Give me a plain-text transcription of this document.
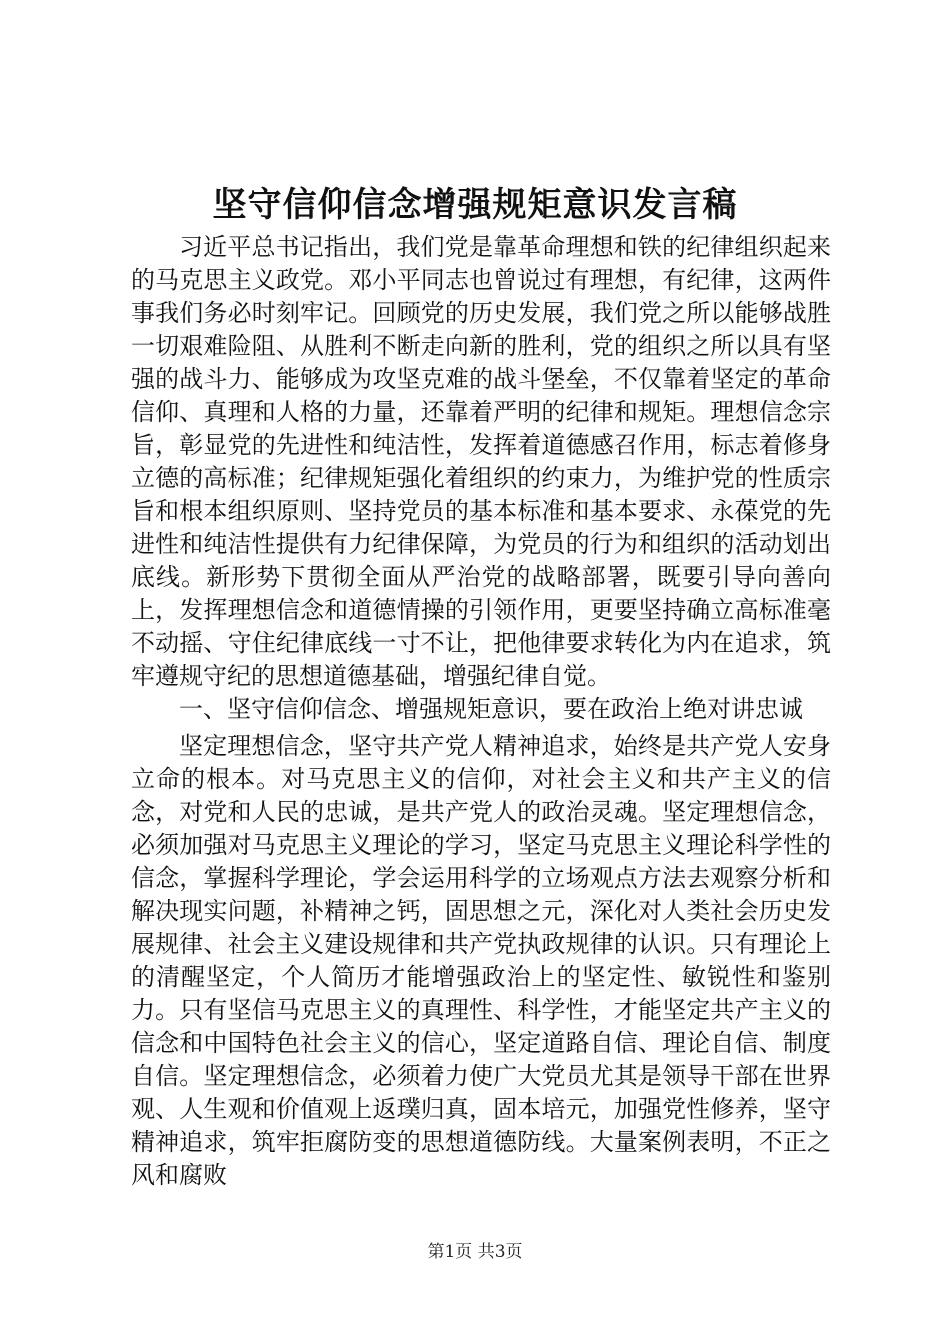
坚守信仰信念增强规矩意识发言稿

习近平总书记指出，我们党是靠革命理想和铁的纪律组织起来的马克思主义政党。邓小平同志也曾说过有理想，有纪律，这两件事我们务必时刻牢记。回顾党的历史发展，我们党之所以能够战胜一切艰难险阻、从胜利不断走向新的胜利，党的组织之所以具有坚强的战斗力、能够成为攻坚克难的战斗堡垒，不仅靠着坚定的革命信仰、真理和人格的力量，还靠着严明的纪律和规矩。理想信念宗旨，彰显党的先进性和纯洁性，发挥着道德感召作用，标志着修身立德的高标准；纪律规矩强化着组织的约束力，为维护党的性质宗旨和根本组织原则、坚持党员的基本标准和基本要求、永葆党的先进性和纯洁性提供有力纪律保障，为党员的行为和组织的活动划出底线。新形势下贯彻全面从严治党的战略部署，既要引导向善向上，发挥理想信念和道德情操的引领作用，更要坚持确立高标准毫不动摇、守住纪律底线一寸不让，把他律要求转化为内在追求，筑牢遵规守纪的思想道德基础，增强纪律自觉。

一、坚守信仰信念、增强规矩意识，要在政治上绝对讲忠诚

坚定理想信念，坚守共产党人精神追求，始终是共产党人安身立命的根本。对马克思主义的信仰，对社会主义和共产主义的信念，对党和人民的忠诚，是共产党人的政治灵魂。坚定理想信念，必须加强对马克思主义理论的学习，坚定马克思主义理论科学性的信念，掌握科学理论，学会运用科学的立场观点方法去观察分析和解决现实问题，补精神之钙，固思想之元，深化对人类社会历史发展规律、社会主义建设规律和共产党执政规律的认识。只有理论上的清醒坚定，个人简历才能增强政治上的坚定性、敏锐性和鉴别力。只有坚信马克思主义的真理性、科学性，才能坚定共产主义的信念和中国特色社会主义的信心，坚定道路自信、理论自信、制度自信。坚定理想信念，必须着力使广大党员尤其是领导干部在世界观、人生观和价值观上返璞归真，固本培元，加强党性修养，坚守精神追求，筑牢拒腐防变的思想道德防线。大量案例表明，不正之风和腐败

第1页 共3页
